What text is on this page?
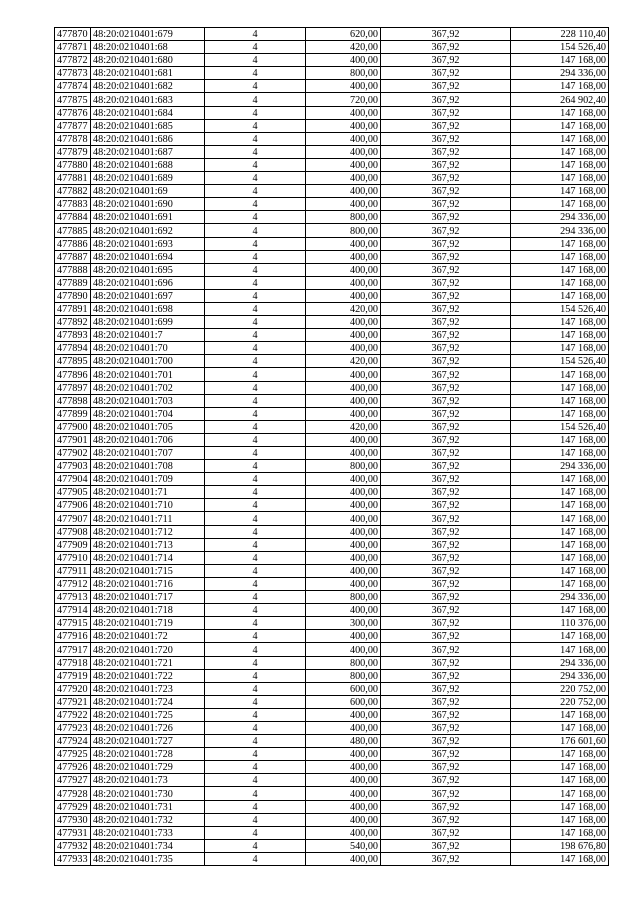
477870	48:20:0210401:679	4	620,00	367,92	228 110,40
477871	48:20:0210401:68	4	420,00	367,92	154 526,40
477872	48:20:0210401:680	4	400,00	367,92	147 168,00
477873	48:20:0210401:681	4	800,00	367,92	294 336,00
477874	48:20:0210401:682	4	400,00	367,92	147 168,00
477875	48:20:0210401:683	4	720,00	367,92	264 902,40
477876	48:20:0210401:684	4	400,00	367,92	147 168,00
477877	48:20:0210401:685	4	400,00	367,92	147 168,00
477878	48:20:0210401:686	4	400,00	367,92	147 168,00
477879	48:20:0210401:687	4	400,00	367,92	147 168,00
477880	48:20:0210401:688	4	400,00	367,92	147 168,00
477881	48:20:0210401:689	4	400,00	367,92	147 168,00
477882	48:20:0210401:69	4	400,00	367,92	147 168,00
477883	48:20:0210401:690	4	400,00	367,92	147 168,00
477884	48:20:0210401:691	4	800,00	367,92	294 336,00
477885	48:20:0210401:692	4	800,00	367,92	294 336,00
477886	48:20:0210401:693	4	400,00	367,92	147 168,00
477887	48:20:0210401:694	4	400,00	367,92	147 168,00
477888	48:20:0210401:695	4	400,00	367,92	147 168,00
477889	48:20:0210401:696	4	400,00	367,92	147 168,00
477890	48:20:0210401:697	4	400,00	367,92	147 168,00
477891	48:20:0210401:698	4	420,00	367,92	154 526,40
477892	48:20:0210401:699	4	400,00	367,92	147 168,00
477893	48:20:0210401:7	4	400,00	367,92	147 168,00
477894	48:20:0210401:70	4	400,00	367,92	147 168,00
477895	48:20:0210401:700	4	420,00	367,92	154 526,40
477896	48:20:0210401:701	4	400,00	367,92	147 168,00
477897	48:20:0210401:702	4	400,00	367,92	147 168,00
477898	48:20:0210401:703	4	400,00	367,92	147 168,00
477899	48:20:0210401:704	4	400,00	367,92	147 168,00
477900	48:20:0210401:705	4	420,00	367,92	154 526,40
477901	48:20:0210401:706	4	400,00	367,92	147 168,00
477902	48:20:0210401:707	4	400,00	367,92	147 168,00
477903	48:20:0210401:708	4	800,00	367,92	294 336,00
477904	48:20:0210401:709	4	400,00	367,92	147 168,00
477905	48:20:0210401:71	4	400,00	367,92	147 168,00
477906	48:20:0210401:710	4	400,00	367,92	147 168,00
477907	48:20:0210401:711	4	400,00	367,92	147 168,00
477908	48:20:0210401:712	4	400,00	367,92	147 168,00
477909	48:20:0210401:713	4	400,00	367,92	147 168,00
477910	48:20:0210401:714	4	400,00	367,92	147 168,00
477911	48:20:0210401:715	4	400,00	367,92	147 168,00
477912	48:20:0210401:716	4	400,00	367,92	147 168,00
477913	48:20:0210401:717	4	800,00	367,92	294 336,00
477914	48:20:0210401:718	4	400,00	367,92	147 168,00
477915	48:20:0210401:719	4	300,00	367,92	110 376,00
477916	48:20:0210401:72	4	400,00	367,92	147 168,00
477917	48:20:0210401:720	4	400,00	367,92	147 168,00
477918	48:20:0210401:721	4	800,00	367,92	294 336,00
477919	48:20:0210401:722	4	800,00	367,92	294 336,00
477920	48:20:0210401:723	4	600,00	367,92	220 752,00
477921	48:20:0210401:724	4	600,00	367,92	220 752,00
477922	48:20:0210401:725	4	400,00	367,92	147 168,00
477923	48:20:0210401:726	4	400,00	367,92	147 168,00
477924	48:20:0210401:727	4	480,00	367,92	176 601,60
477925	48:20:0210401:728	4	400,00	367,92	147 168,00
477926	48:20:0210401:729	4	400,00	367,92	147 168,00
477927	48:20:0210401:73	4	400,00	367,92	147 168,00
477928	48:20:0210401:730	4	400,00	367,92	147 168,00
477929	48:20:0210401:731	4	400,00	367,92	147 168,00
477930	48:20:0210401:732	4	400,00	367,92	147 168,00
477931	48:20:0210401:733	4	400,00	367,92	147 168,00
477932	48:20:0210401:734	4	540,00	367,92	198 676,80
477933	48:20:0210401:735	4	400,00	367,92	147 168,00
